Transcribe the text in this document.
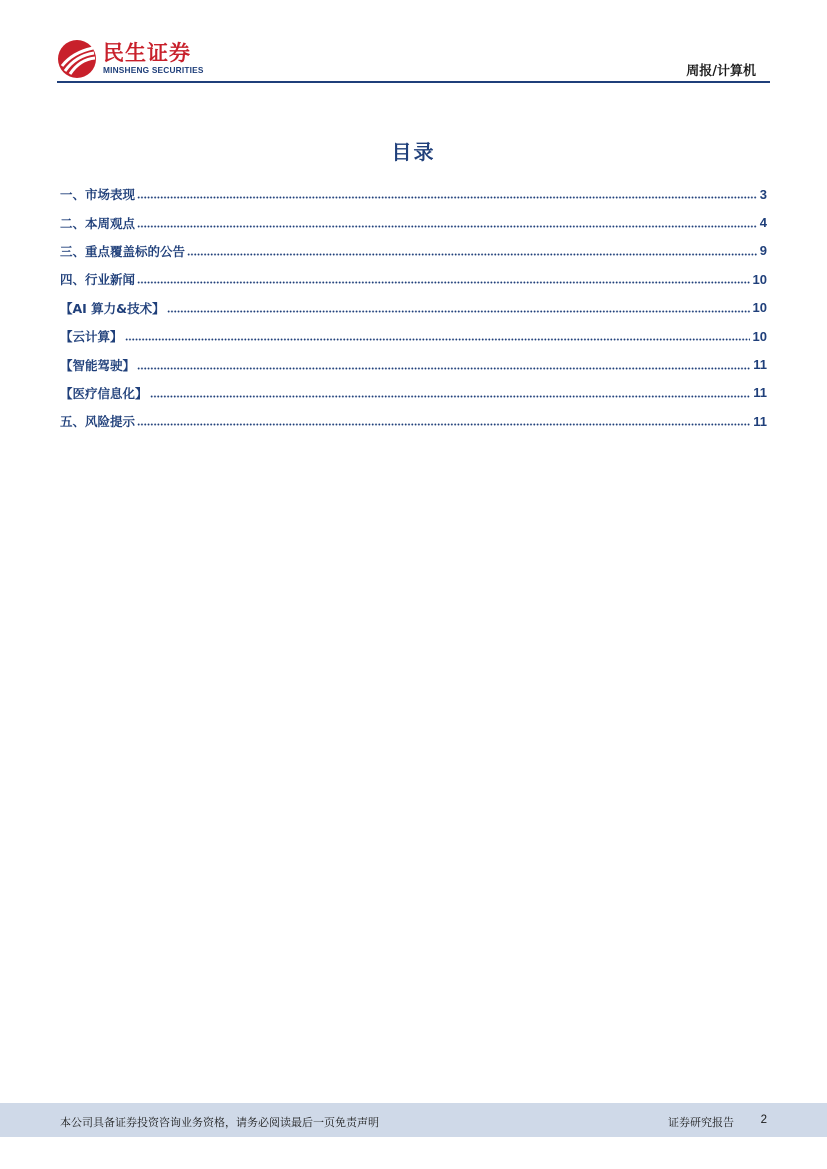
民生证券
MINSHENG SECURITIES	周报/计算机
目录
一、市场表现	3
二、本周观点	4
三、重点覆盖标的公告	9
四、行业新闻	10
【AI 算力&技术】	10
【云计算】	10
【智能驾驶】	11
【医疗信息化】	11
五、风险提示	11
本公司具备证券投资咨询业务资格，请务必阅读最后一页免责声明	证券研究报告 2
